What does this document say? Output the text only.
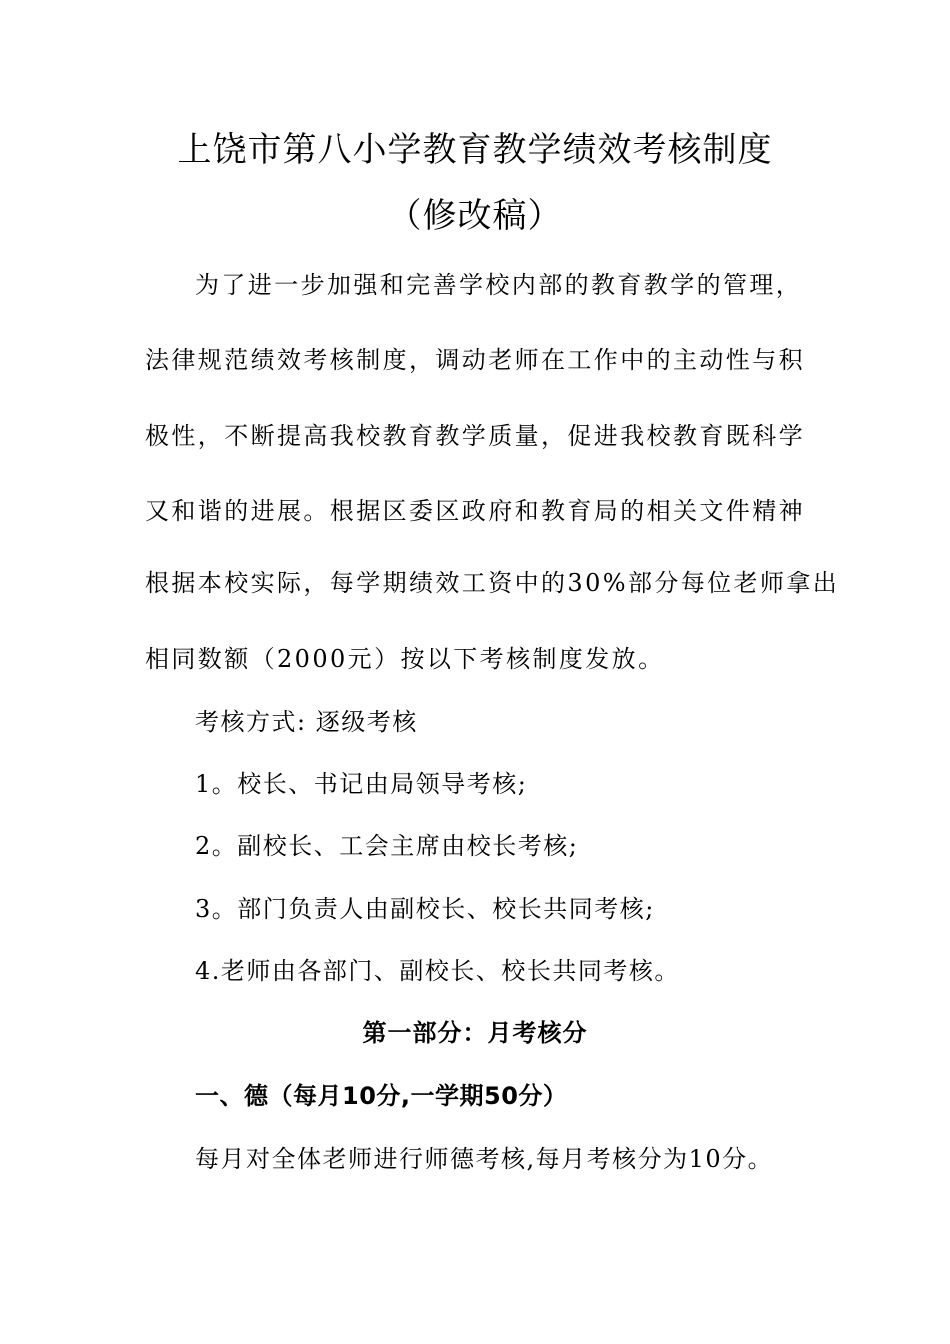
上饶市第八小学教育教学绩效考核制度
（修改稿）
为了进一步加强和完善学校内部的教育教学的管理，
法律规范绩效考核制度，调动老师在工作中的主动性与积
极性，不断提高我校教育教学质量，促进我校教育既科学
又和谐的进展。根据区委区政府和教育局的相关文件精神
根据本校实际，每学期绩效工资中的30%部分每位老师拿出
相同数额（2000元）按以下考核制度发放。
考核方式: 逐级考核
1。校长、书记由局领导考核;
2。副校长、工会主席由校长考核;
3。部门负责人由副校长、校长共同考核;
4.老师由各部门、副校长、校长共同考核。
第一部分：月考核分
一、德（每月10分,一学期50分）
每月对全体老师进行师德考核,每月考核分为10分。
